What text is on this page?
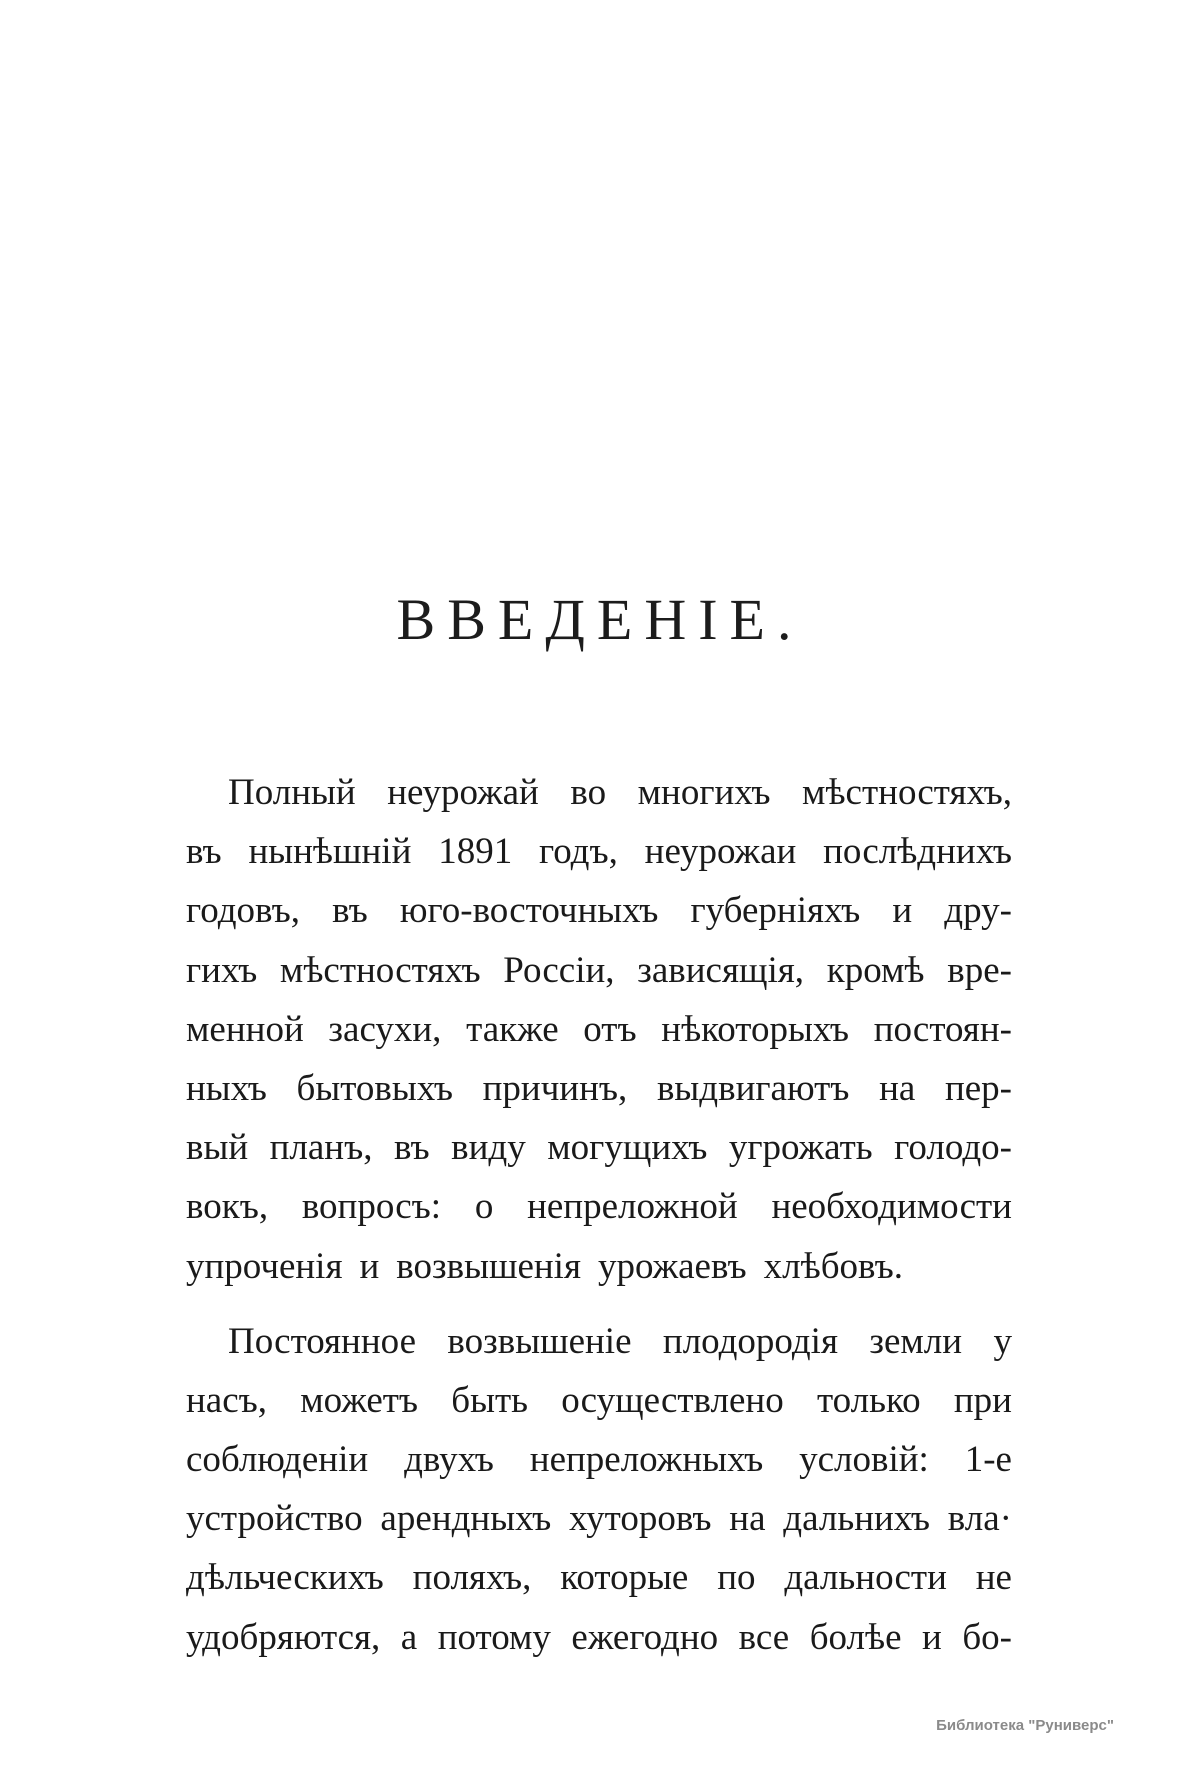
ВВЕДЕНIЕ.
Полный неурожай во многихъ мѣстностяхъ,
въ нынѣшнiй 1891 годъ, неурожаи послѣднихъ
годовъ, въ юго-восточныхъ губернiяхъ и дру-
гихъ мѣстностяхъ Россiи, зависящiя, кромѣ вре-
менной засухи, также отъ нѣкоторыхъ постоян-
ныхъ бытовыхъ причинъ, выдвигаютъ на пер-
вый планъ, въ виду могущихъ угрожать голодо-
вокъ, вопросъ: о непреложной необходимости
упроченiя и возвышенiя урожаевъ хлѣбовъ.
Постоянное возвышенiе плодородiя земли у
насъ, можетъ быть осуществлено только при
соблюденiи двухъ непреложныхъ условiй: 1-е
устройство арендныхъ хуторовъ на дальнихъ вла·
дѣльческихъ поляхъ, которые по дальности не
удобряются, а потому ежегодно все болѣе и бо-
Библиотека "Руниверс"
